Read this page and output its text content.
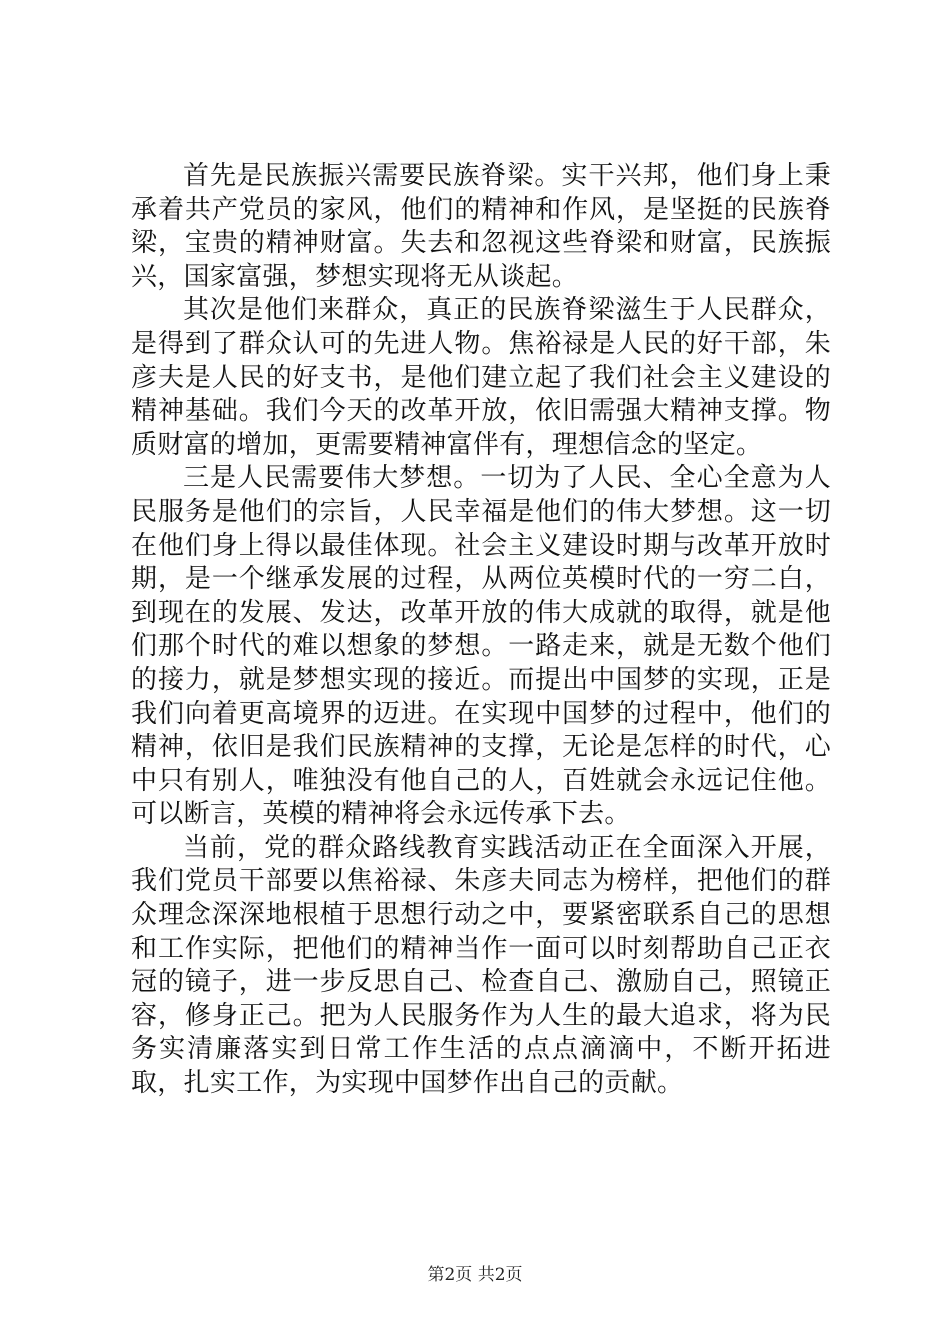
首先是民族振兴需要民族脊梁。实干兴邦，他们身上秉承着共产党员的家风，他们的精神和作风，是坚挺的民族脊梁，宝贵的精神财富。失去和忽视这些脊梁和财富，民族振兴，国家富强，梦想实现将无从谈起。

其次是他们来群众，真正的民族脊梁滋生于人民群众，是得到了群众认可的先进人物。焦裕禄是人民的好干部，朱彦夫是人民的好支书，是他们建立起了我们社会主义建设的精神基础。我们今天的改革开放，依旧需强大精神支撑。物质财富的增加，更需要精神富伴有，理想信念的坚定。

三是人民需要伟大梦想。一切为了人民、全心全意为人民服务是他们的宗旨，人民幸福是他们的伟大梦想。这一切在他们身上得以最佳体现。社会主义建设时期与改革开放时期，是一个继承发展的过程，从两位英模时代的一穷二白，到现在的发展、发达，改革开放的伟大成就的取得，就是他们那个时代的难以想象的梦想。一路走来，就是无数个他们的接力，就是梦想实现的接近。而提出中国梦的实现，正是我们向着更高境界的迈进。在实现中国梦的过程中，他们的精神，依旧是我们民族精神的支撑，无论是怎样的时代，心中只有别人，唯独没有他自己的人，百姓就会永远记住他。可以断言，英模的精神将会永远传承下去。

当前，党的群众路线教育实践活动正在全面深入开展，我们党员干部要以焦裕禄、朱彦夫同志为榜样，把他们的群众理念深深地根植于思想行动之中，要紧密联系自己的思想和工作实际，把他们的精神当作一面可以时刻帮助自己正衣冠的镜子，进一步反思自己、检查自己、激励自己，照镜正容，修身正己。把为人民服务作为人生的最大追求，将为民务实清廉落实到日常工作生活的点点滴滴中，不断开拓进取，扎实工作，为实现中国梦作出自己的贡献。

第2页 共2页
